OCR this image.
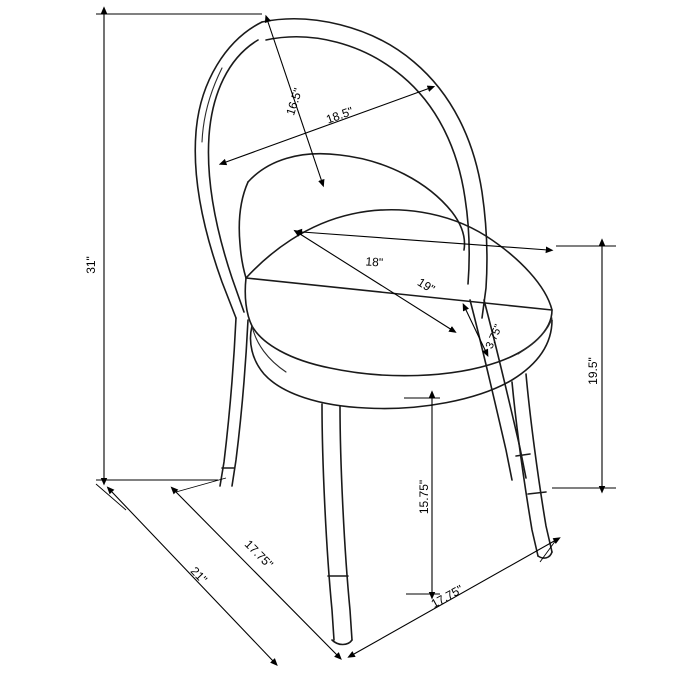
31"
16.5" 18.5"
18"
19"
3.75"
19.5"
15.75"
21"
17.75"
17.75"
